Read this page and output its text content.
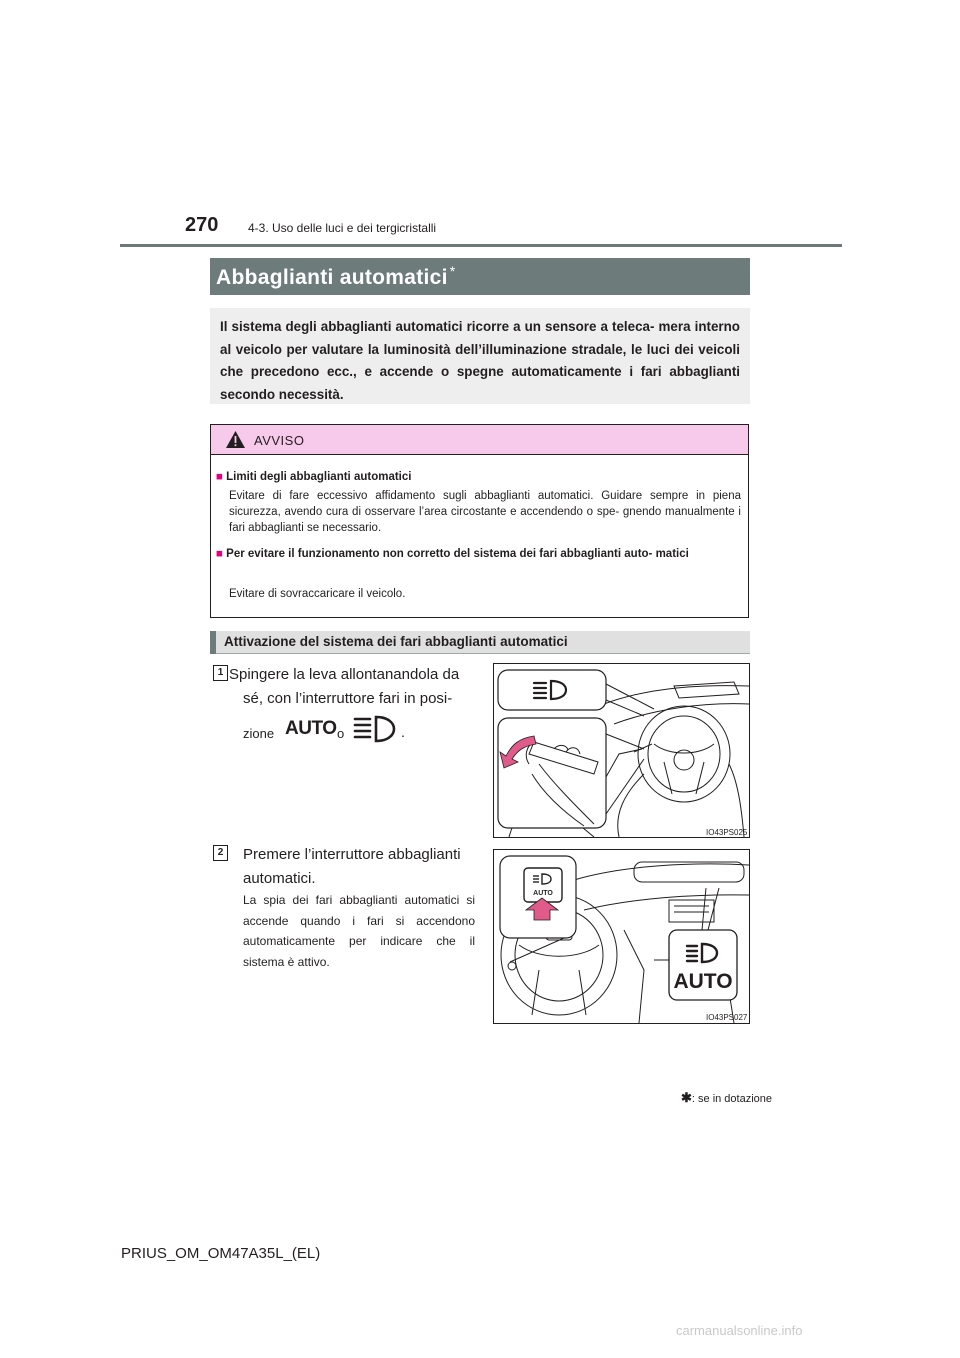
270 4-3. Uso delle luci e dei tergicristalli
Abbaglianti automatici *
Il sistema degli abbaglianti automatici ricorre a un sensore a teleca- mera interno al veicolo per valutare la luminosità dell’illuminazione stradale, le luci dei veicoli che precedono ecc., e accende o spegne automaticamente i fari abbaglianti secondo necessità.
AVVISO
■ Limiti degli abbaglianti automatici
Evitare di fare eccessivo affidamento sugli abbaglianti automatici. Guidare sempre in piena sicurezza, avendo cura di osservare l’area circostante e accendendo o spe- gnendo manualmente i fari abbaglianti se necessario.
■ Per evitare il funzionamento non corretto del sistema dei fari abbaglianti auto- matici
Evitare di sovraccaricare il veicolo.
Attivazione del sistema dei fari abbaglianti automatici
1 Spingere la leva allontanandola da
sé, con l’interruttore fari in posi-
zione AUTO o	.
IO43PS025
2	Premere l’interruttore abbaglianti
automatici.
La spia dei fari abbaglianti automatici si accende quando i fari si accendono automaticamente per indicare che il sistema è attivo.
AUTO
AUTO
IO43PS027
✱: se in dotazione
PRIUS_OM_OM47A35L_(EL)
carmanualsonline.info
